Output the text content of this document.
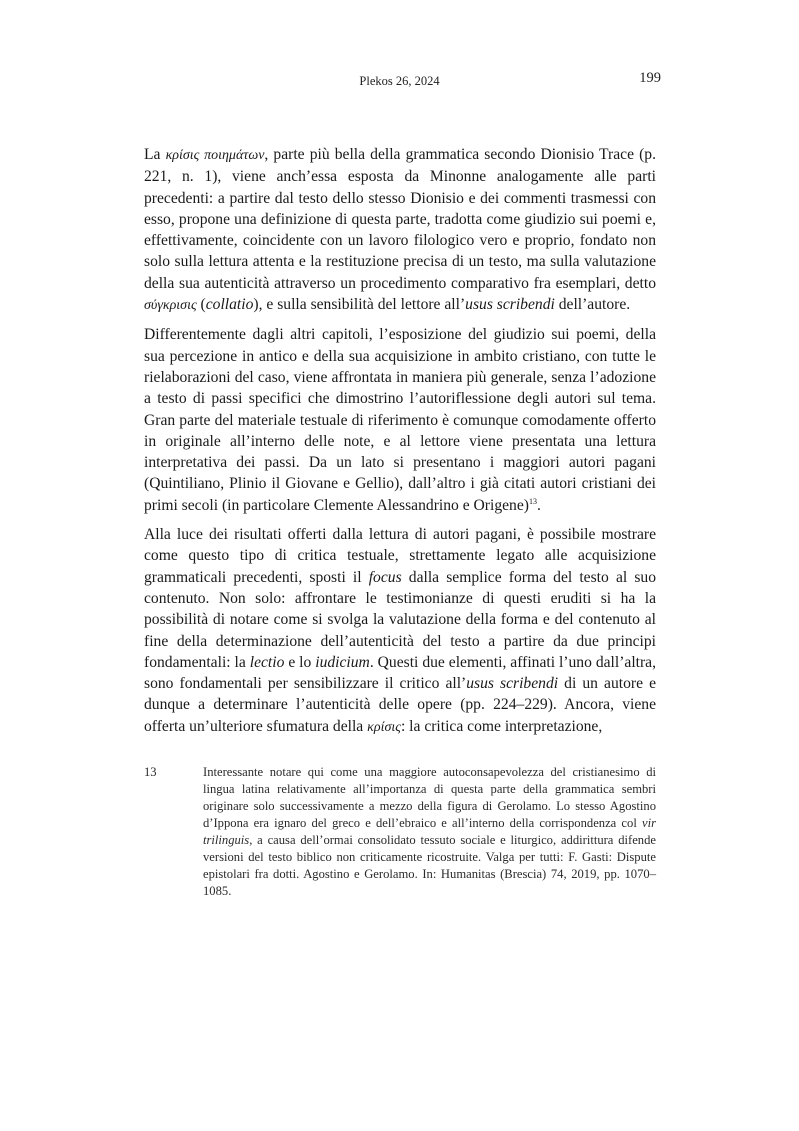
Plekos 26, 2024	199

La κρίσις ποιημάτων, parte più bella della grammatica secondo Dionisio Trace (p. 221, n. 1), viene anch’essa esposta da Minonne analogamente alle parti precedenti: a partire dal testo dello stesso Dionisio e dei commenti trasmessi con esso, propone una definizione di questa parte, tradotta come giudizio sui poemi e, effettivamente, coincidente con un lavoro filologico vero e proprio, fondato non solo sulla lettura attenta e la restituzione precisa di un testo, ma sulla valutazione della sua autenticità attraverso un procedimento comparativo fra esemplari, detto σύγκρισις (collatio), e sulla sensibilità del lettore all’usus scribendi dell’autore.

Differentemente dagli altri capitoli, l’esposizione del giudizio sui poemi, della sua percezione in antico e della sua acquisizione in ambito cristiano, con tutte le rielaborazioni del caso, viene affrontata in maniera più generale, senza l’adozione a testo di passi specifici che dimostrino l’autoriflessione degli autori sul tema. Gran parte del materiale testuale di riferimento è comunque comodamente offerto in originale all’interno delle note, e al lettore viene presentata una lettura interpretativa dei passi. Da un lato si presentano i maggiori autori pagani (Quintiliano, Plinio il Giovane e Gellio), dall’altro i già citati autori cristiani dei primi secoli (in particolare Clemente Alessandrino e Origene)$^{13}$.

Alla luce dei risultati offerti dalla lettura di autori pagani, è possibile mostrare come questo tipo di critica testuale, strettamente legato alle acquisizione grammaticali precedenti, sposti il focus dalla semplice forma del testo al suo contenuto. Non solo: affrontare le testimonianze di questi eruditi si ha la possibilità di notare come si svolga la valutazione della forma e del contenuto al fine della determinazione dell’autenticità del testo a partire da due principi fondamentali: la lectio e lo iudicium. Questi due elementi, affinati l’uno dall’altra, sono fondamentali per sensibilizzare il critico all’usus scribendi di un autore e dunque a determinare l’autenticità delle opere (pp. 224–229). Ancora, viene offerta un’ulteriore sfumatura della κρίσις: la critica come interpretazione,

13	Interessante notare qui come una maggiore autoconsapevolezza del cristianesimo di lingua latina relativamente all’importanza di questa parte della grammatica sembri originare solo successivamente a mezzo della figura di Gerolamo. Lo stesso Agostino d’Ippona era ignaro del greco e dell’ebraico e all’interno della corrispondenza col vir trilinguis, a causa dell’ormai consolidato tessuto sociale e liturgico, addirittura difende versioni del testo biblico non criticamente ricostruite. Valga per tutti: F. Gasti: Dispute epistolari fra dotti. Agostino e Gerolamo. In: Humanitas (Brescia) 74, 2019, pp. 1070–1085.
